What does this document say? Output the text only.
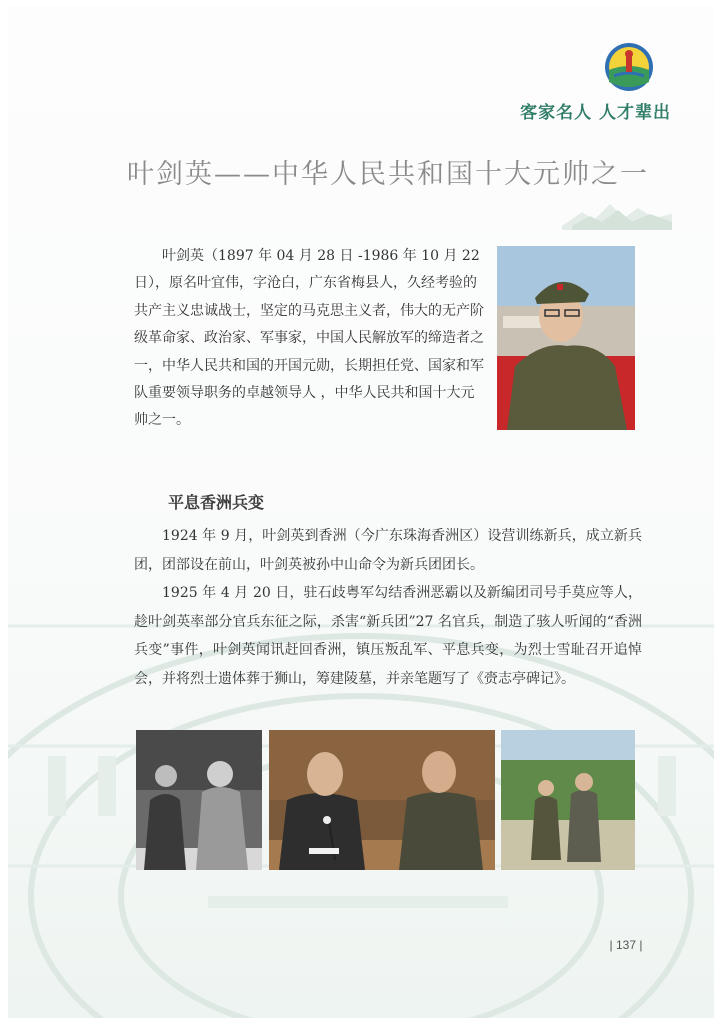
客家名人 人才辈出
叶剑英——中华人民共和国十大元帅之一

叶剑英（1897 年 04 月 28 日 -1986 年 10 月 22 日），原名叶宜伟，字沧白，广东省梅县人，久经考验的共产主义忠诚战士，坚定的马克思主义者，伟大的无产阶级革命家、政治家、军事家，中国人民解放军的缔造者之一，中华人民共和国的开国元勋，长期担任党、国家和军队重要领导职务的卓越领导人 ，中华人民共和国十大元帅之一。

平息香洲兵变

1924 年 9 月，叶剑英到香洲（今广东珠海香洲区）设营训练新兵，成立新兵团，团部设在前山，叶剑英被孙中山命令为新兵团团长。

1925 年 4 月 20 日，驻石歧粤军勾结香洲恶霸以及新编团司号手莫应等人，趁叶剑英率部分官兵东征之际，杀害“新兵团”27 名官兵，制造了骇人听闻的“香洲兵变”事件，叶剑英闻讯赶回香洲，镇压叛乱军、平息兵变，为烈士雪耻召开追悼会，并将烈士遗体葬于狮山，筹建陵墓，并亲笔题写了《赍志亭碑记》。

| 137 |
